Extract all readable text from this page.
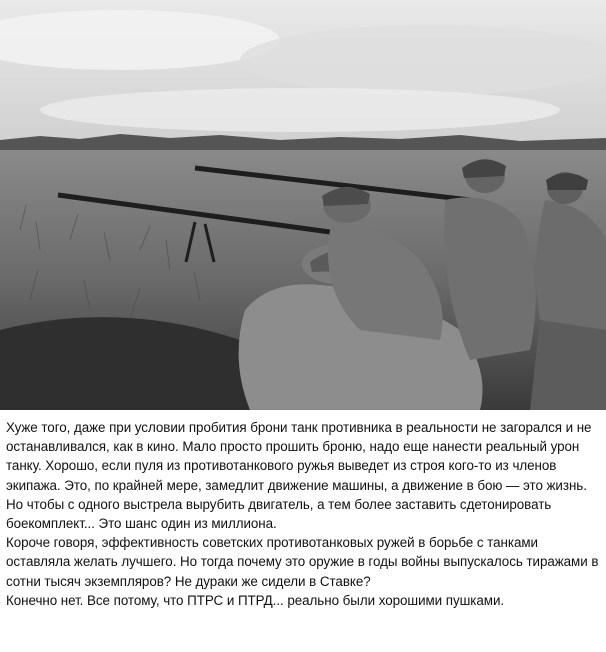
Хуже того, даже при условии пробития брони танк противника в реальности не загорался и не останавливался, как в кино. Мало просто прошить броню, надо еще нанести реальный урон танку. Хорошо, если пуля из противотанкового ружья выведет из строя кого-то из членов экипажа. Это, по крайней мере, замедлит движение машины, а движение в бою — это жизнь. Но чтобы с одного выстрела вырубить двигатель, а тем более заставить сдетонировать боекомплект... Это шанс один из миллиона.

Короче говоря, эффективность советских противотанковых ружей в борьбе с танками оставляла желать лучшего. Но тогда почему это оружие в годы войны выпускалось тиражами в сотни тысяч экземпляров? Не дураки же сидели в Ставке?

Конечно нет. Все потому, что ПТРС и ПТРД... реально были хорошими пушками.
